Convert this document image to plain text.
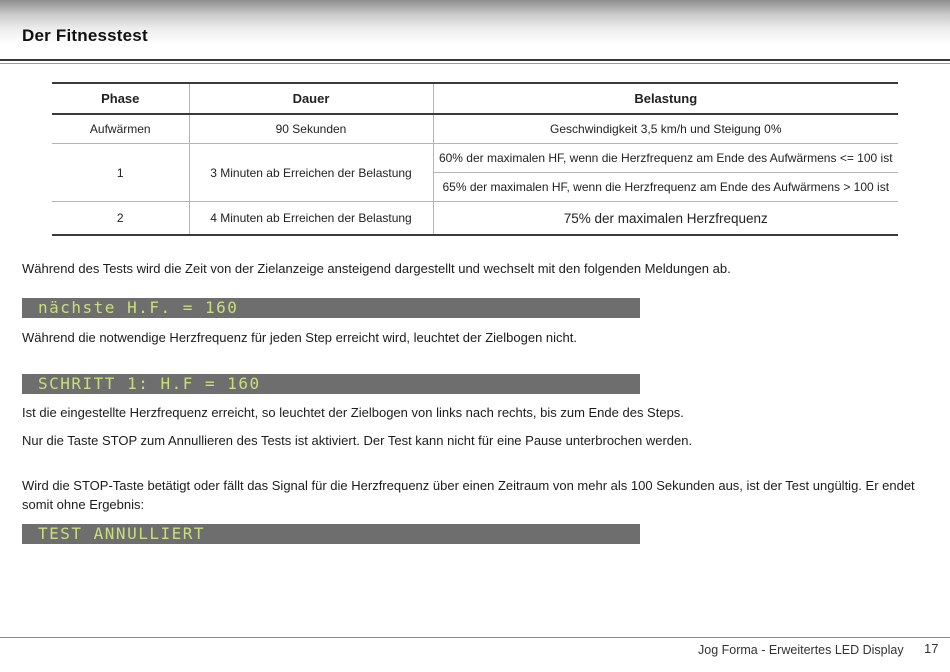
Der Fitnesstest
Phase	Dauer	Belastung
Aufwärmen	90 Sekunden	Geschwindigkeit 3,5 km/h und Steigung 0%
1	3 Minuten ab Erreichen der Belastung	60% der maximalen HF, wenn die Herzfrequenz am Ende des Aufwärmens <= 100 ist
		65% der maximalen HF, wenn die Herzfrequenz am Ende des Aufwärmens > 100 ist
2	4 Minuten ab Erreichen der Belastung	75% der maximalen Herzfrequenz
Während des Tests wird die Zeit von der Zielanzeige ansteigend dargestellt und wechselt mit den folgenden Meldungen ab.
nächste H.F. = 160
Während die notwendige Herzfrequenz für jeden Step erreicht wird, leuchtet der Zielbogen nicht.
SCHRITT 1: H.F = 160
Ist die eingestellte Herzfrequenz erreicht, so leuchtet der Zielbogen von links nach rechts, bis zum Ende des Steps.
Nur die Taste STOP zum Annullieren des Tests ist aktiviert. Der Test kann nicht für eine Pause unterbrochen werden.
Wird die STOP-Taste betätigt oder fällt das Signal für die Herzfrequenz über einen Zeitraum von mehr als 100 Sekunden aus, ist der Test ungültig. Er endet somit ohne Ergebnis:
TEST ANNULLIERT
Jog Forma - Erweitertes LED Display 17
